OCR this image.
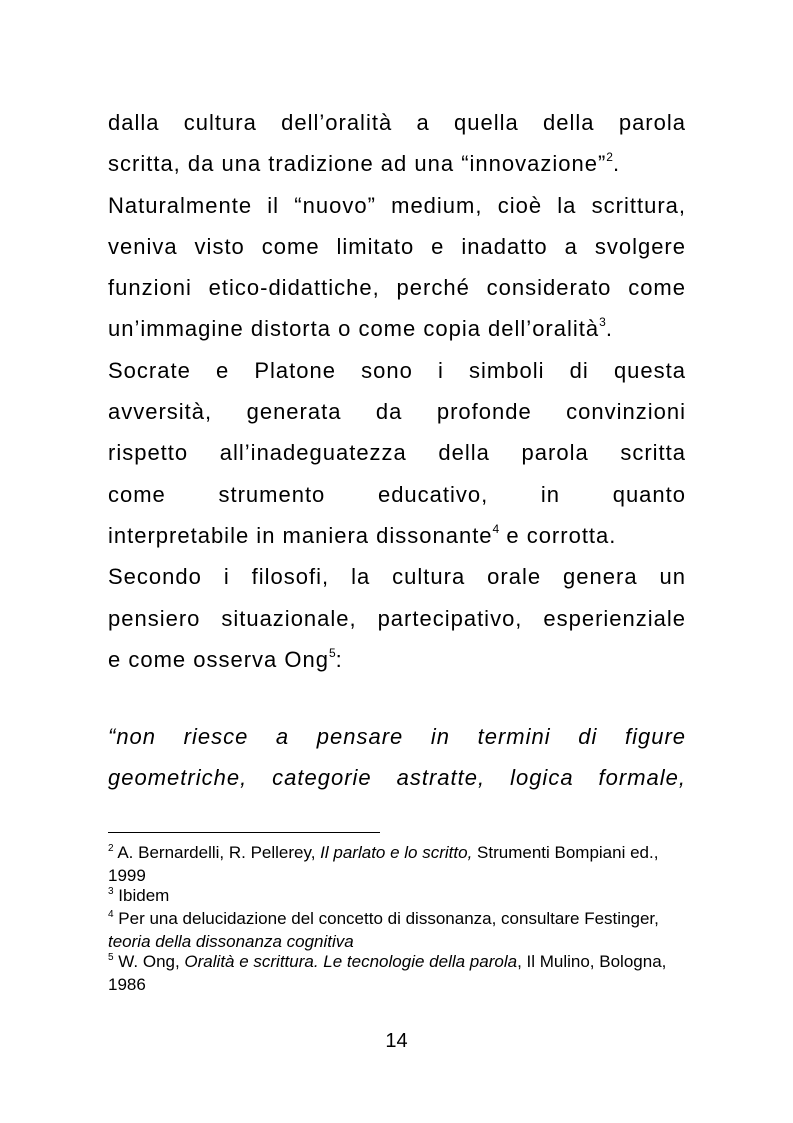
dalla cultura dell’oralità a quella della parola
scritta, da una tradizione ad una “innovazione”$^2$.
Naturalmente il “nuovo” medium, cioè la scrittura,
veniva visto come limitato e inadatto a svolgere
funzioni etico-didattiche, perché considerato come
un’immagine distorta o come copia dell’oralità$^3$.
Socrate e Platone sono i simboli di questa
avversità, generata da profonde convinzioni
rispetto all’inadeguatezza della parola scritta
come strumento educativo, in quanto
interpretabile in maniera dissonante$^4$ e corrotta.
Secondo i filosofi, la cultura orale genera un
pensiero situazionale, partecipativo, esperienziale
e come osserva Ong$^5$:
“non riesce a pensare in termini di figure
geometriche, categorie astratte, logica formale,
$^2$ A. Bernardelli, R. Pellerey, Il parlato e lo scritto, Strumenti Bompiani ed., 1999
$^3$ Ibidem
$^4$ Per una delucidazione del concetto di dissonanza, consultare Festinger, teoria della dissonanza cognitiva
$^5$ W. Ong, Oralità e scrittura. Le tecnologie della parola, Il Mulino, Bologna, 1986
14
